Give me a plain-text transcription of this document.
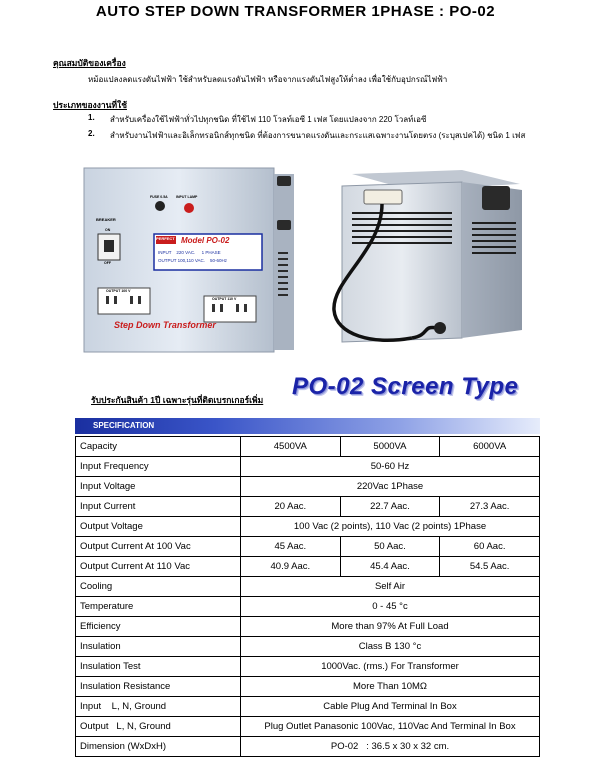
AUTO STEP DOWN TRANSFORMER 1PHASE : PO-02
คุณสมบัติของเครื่อง
หม้อแปลงลดแรงดันไฟฟ้า ใช้สำหรับลดแรงดันไฟฟ้า หรือจากแรงดันไฟสูงให้ต่ำลง เพื่อใช้กับอุปกรณ์ไฟฟ้า
ประเภทของงานที่ใช้
1. สำหรับเครื่องใช้ไฟฟ้าทั่วไปทุกชนิด ที่ใช้ไฟ 110 โวลท์เอซี 1 เฟส โดยแปลงจาก 220 โวลท์เอซี
2. สำหรับงานไฟฟ้าและอิเล็กทรอนิกส์ทุกชนิด ที่ต้องการขนาดแรงดันและกระแสเฉพาะงานโดยตรง (ระบุสเปคได้) ชนิด 1 เฟส
FUSE 0.5A INPUT LAMP
BREAKER
ON
OFF
PERFECT Model PO-02
INPUT    220 VAC.     1 PHASE
OUTPUT 100,110 VAC.    50-60Hz
OUTPUT 100 V
OUTPUT 110 V
Step Down Transformer
รับประกันสินค้า 1ปี เฉพาะรุ่นที่ติดเบรกเกอร์เพิ่ม PO-02 Screen Type
SPECIFICATION
Capacity	4500VA	5000VA	6000VA
Input Frequency	50-60 Hz		
Input Voltage	220Vac 1Phase		
Input Current	20 Aac.	22.7 Aac.	27.3 Aac.
Output Voltage	100 Vac (2 points), 110 Vac (2 points) 1Phase		
Output Current At 100 Vac	45 Aac.	50 Aac.	60 Aac.
Output Current At 110 Vac	40.9 Aac.	45.4 Aac.	54.5 Aac.
Cooling	Self Air		
Temperature	0 - 45 °c		
Efficiency	More than 97% At Full Load		
Insulation	Class B 130 °c		
Insulation Test	1000Vac. (rms.) For Transformer		
Insulation Resistance	More Than 10MΩ		
Input    L, N, Ground	Cable Plug And Terminal In Box		
Output   L, N, Ground	Plug Outlet Panasonic 100Vac, 110Vac And Terminal In Box		
Dimension (WxDxH)	PO-02   : 36.5 x 30 x 32 cm.		
